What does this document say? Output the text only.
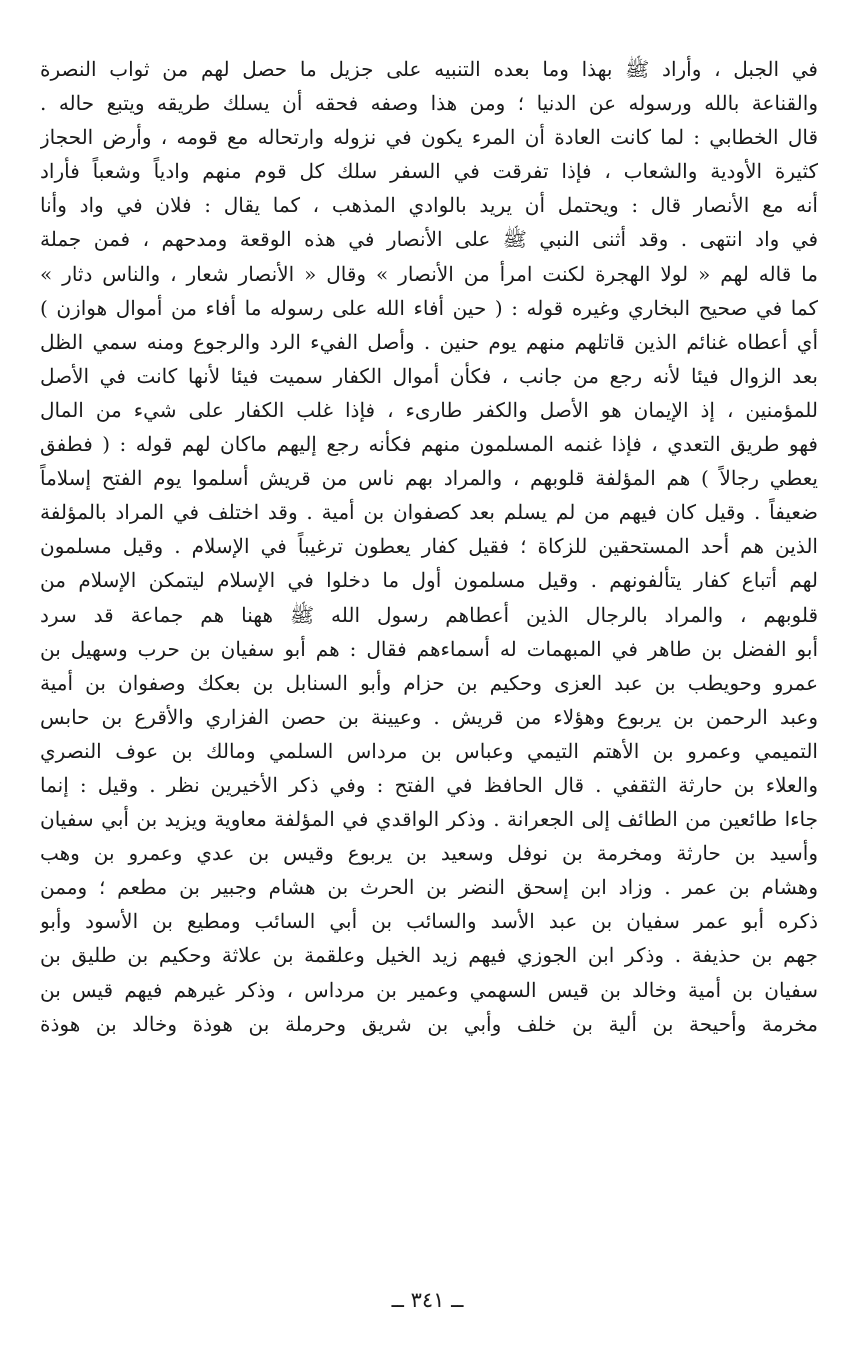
في الجبل ، وأراد ﷺ بهذا وما بعده التنبيه على جزيل ما حصل لهم من ثواب النصرة
والقناعة بالله ورسوله عن الدنيا ؛ ومن هذا وصفه فحقه أن يسلك طريقه ويتبع حاله .
قال الخطابي : لما كانت العادة أن المرء يكون في نزوله وارتحاله مع قومه ، وأرض الحجاز
كثيرة الأودية والشعاب ، فإذا تفرقت في السفر سلك كل قوم منهم وادياً وشعباً فأراد
أنه مع الأنصار قال : ويحتمل أن يريد بالوادي المذهب ، كما يقال : فلان في واد وأنا
في واد انتهى . وقد أثنى النبي ﷺ على الأنصار في هذه الوقعة ومدحهم ، فمن جملة
ما قاله لهم « لولا الهجرة لكنت امرأ من الأنصار » وقال « الأنصار شعار ، والناس دثار »
كما في صحيح البخاري وغيره قوله : ( حين أفاء الله على رسوله ما أفاء من أموال هوازن )
أي أعطاه غنائم الذين قاتلهم منهم يوم حنين . وأصل الفيء الرد والرجوع ومنه سمي الظل
بعد الزوال فيئا لأنه رجع من جانب ، فكأن أموال الكفار سميت فيئا لأنها كانت في الأصل
للمؤمنين ، إذ الإيمان هو الأصل والكفر طارىء ، فإذا غلب الكفار على شيء من المال
فهو طريق التعدي ، فإذا غنمه المسلمون منهم فكأنه رجع إليهم ماكان لهم قوله : ( فطفق
يعطي رجالاً ) هم المؤلفة قلوبهم ، والمراد بهم ناس من قريش أسلموا يوم الفتح إسلاماً
ضعيفاً . وقيل كان فيهم من لم يسلم بعد كصفوان بن أمية . وقد اختلف في المراد بالمؤلفة
الذين هم أحد المستحقين للزكاة ؛ فقيل كفار يعطون ترغيباً في الإسلام . وقيل مسلمون
لهم أتباع كفار يتألفونهم . وقيل مسلمون أول ما دخلوا في الإسلام ليتمكن الإسلام من
قلوبهم ، والمراد بالرجال الذين أعطاهم رسول الله ﷺ ههنا هم جماعة قد سرد
أبو الفضل بن طاهر في المبهمات له أسماءهم فقال : هم أبو سفيان بن حرب وسهيل بن
عمرو وحويطب بن عبد العزى وحكيم بن حزام وأبو السنابل بن بعكك وصفوان بن أمية
وعبد الرحمن بن يربوع وهؤلاء من قريش . وعيينة بن حصن الفزاري والأقرع بن حابس
التميمي وعمرو بن الأهتم التيمي وعباس بن مرداس السلمي ومالك بن عوف النصري
والعلاء بن حارثة الثقفي . قال الحافظ في الفتح : وفي ذكر الأخيرين نظر . وقيل : إنما
جاءا طائعين من الطائف إلى الجعرانة . وذكر الواقدي في المؤلفة معاوية ويزيد بن أبي سفيان
وأسيد بن حارثة ومخرمة بن نوفل وسعيد بن يربوع وقيس بن عدي وعمرو بن وهب
وهشام بن عمر . وزاد ابن إسحق النضر بن الحرث بن هشام وجبير بن مطعم ؛ وممن
ذكره أبو عمر سفيان بن عبد الأسد والسائب بن أبي السائب ومطيع بن الأسود وأبو
جهم بن حذيفة . وذكر ابن الجوزي فيهم زيد الخيل وعلقمة بن علاثة وحكيم بن طليق بن
سفيان بن أمية وخالد بن قيس السهمي وعمير بن مرداس ، وذكر غيرهم فيهم قيس بن
مخرمة وأحيحة بن ألية بن خلف وأبي بن شريق وحرملة بن هوذة وخالد بن هوذة
ــ ٣٤١ ــ
